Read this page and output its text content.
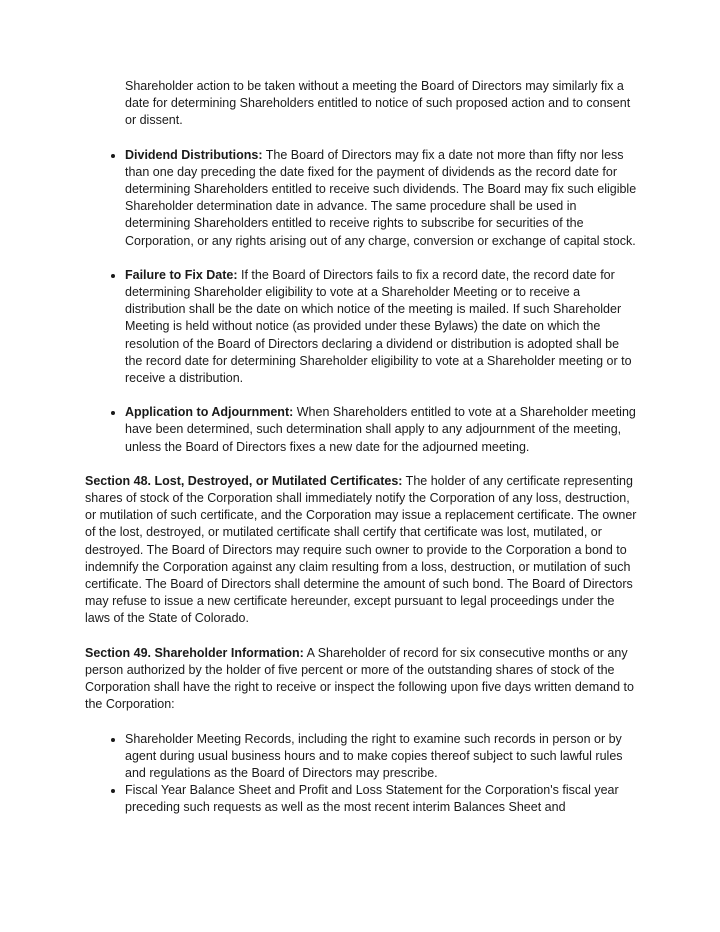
Shareholder action to be taken without a meeting the Board of Directors may similarly fix a date for determining Shareholders entitled to notice of such proposed action and to consent or dissent.

• Dividend Distributions: The Board of Directors may fix a date not more than fifty nor less than one day preceding the date fixed for the payment of dividends as the record date for determining Shareholders entitled to receive such dividends. The Board may fix such eligible Shareholder determination date in advance. The same procedure shall be used in determining Shareholders entitled to receive rights to subscribe for securities of the Corporation, or any rights arising out of any charge, conversion or exchange of capital stock.
• Failure to Fix Date: If the Board of Directors fails to fix a record date, the record date for determining Shareholder eligibility to vote at a Shareholder Meeting or to receive a distribution shall be the date on which notice of the meeting is mailed. If such Shareholder Meeting is held without notice (as provided under these Bylaws) the date on which the resolution of the Board of Directors declaring a dividend or distribution is adopted shall be the record date for determining Shareholder eligibility to vote at a Shareholder meeting or to receive a distribution.
• Application to Adjournment: When Shareholders entitled to vote at a Shareholder meeting have been determined, such determination shall apply to any adjournment of the meeting, unless the Board of Directors fixes a new date for the adjourned meeting.

Section 48. Lost, Destroyed, or Mutilated Certificates: The holder of any certificate representing shares of stock of the Corporation shall immediately notify the Corporation of any loss, destruction, or mutilation of such certificate, and the Corporation may issue a replacement certificate. The owner of the lost, destroyed, or mutilated certificate shall certify that certificate was lost, mutilated, or destroyed. The Board of Directors may require such owner to provide to the Corporation a bond to indemnify the Corporation against any claim resulting from a loss, destruction, or mutilation of such certificate. The Board of Directors shall determine the amount of such bond. The Board of Directors may refuse to issue a new certificate hereunder, except pursuant to legal proceedings under the laws of the State of Colorado.

Section 49. Shareholder Information: A Shareholder of record for six consecutive months or any person authorized by the holder of five percent or more of the outstanding shares of stock of the Corporation shall have the right to receive or inspect the following upon five days written demand to the Corporation:

• Shareholder Meeting Records, including the right to examine such records in person or by agent during usual business hours and to make copies thereof subject to such lawful rules and regulations as the Board of Directors may prescribe.
• Fiscal Year Balance Sheet and Profit and Loss Statement for the Corporation's fiscal year preceding such requests as well as the most recent interim Balances Sheet and
